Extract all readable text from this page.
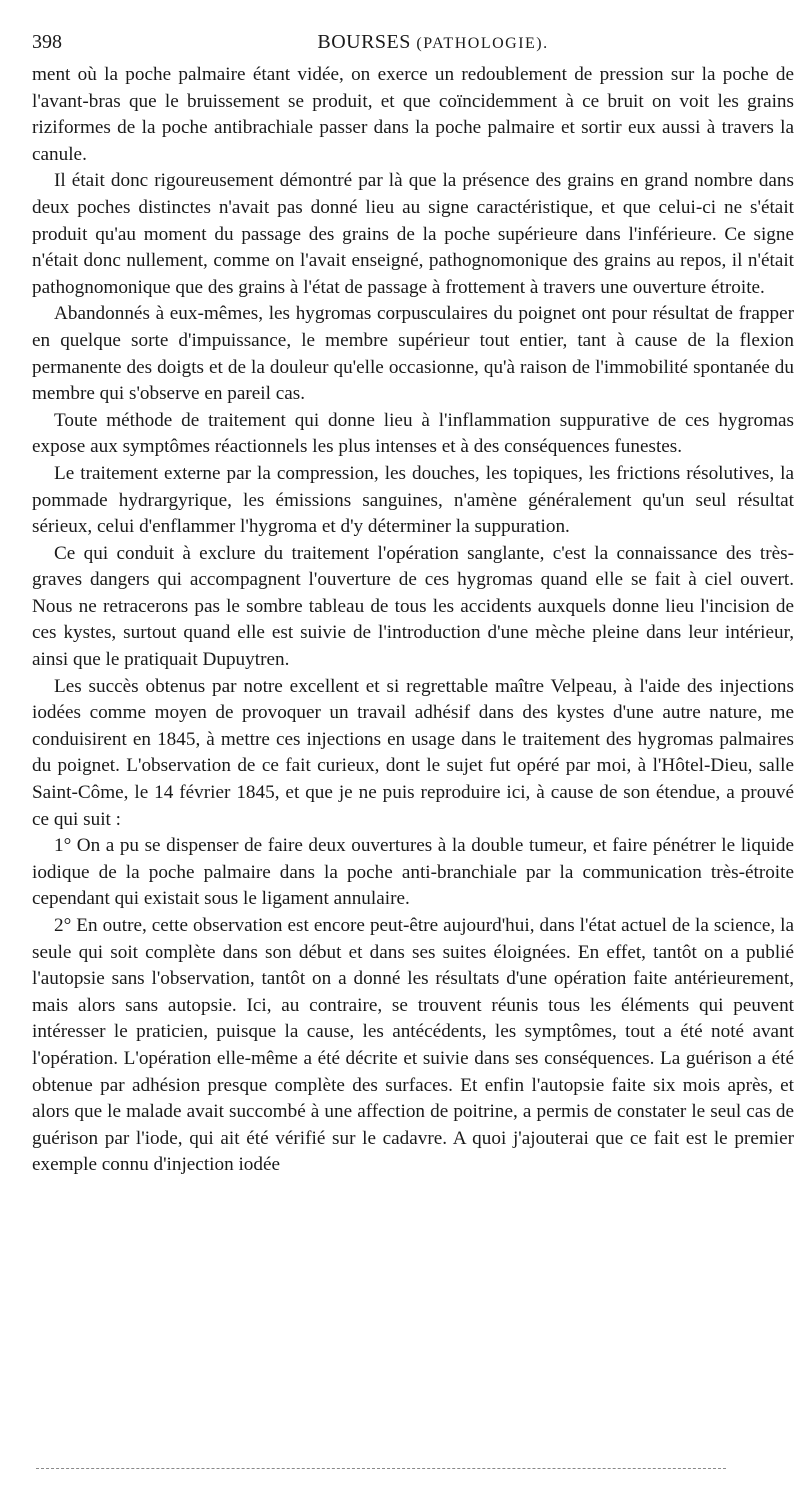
398	BOURSES (PATHOLOGIE).

ment où la poche palmaire étant vidée, on exerce un redoublement de pression sur la poche de l'avant-bras que le bruissement se produit, et que coïncidemment à ce bruit on voit les grains riziformes de la poche antibrachiale passer dans la poche palmaire et sortir eux aussi à travers la canule.

Il était donc rigoureusement démontré par là que la présence des grains en grand nombre dans deux poches distinctes n'avait pas donné lieu au signe caractéristique, et que celui-ci ne s'était produit qu'au moment du passage des grains de la poche supérieure dans l'inférieure. Ce signe n'était donc nullement, comme on l'avait enseigné, pathognomonique des grains au repos, il n'était pathognomonique que des grains à l'état de passage à frottement à travers une ouverture étroite.

Abandonnés à eux-mêmes, les hygromas corpusculaires du poignet ont pour résultat de frapper en quelque sorte d'impuissance, le membre supérieur tout entier, tant à cause de la flexion permanente des doigts et de la douleur qu'elle occasionne, qu'à raison de l'immobilité spontanée du membre qui s'observe en pareil cas.

Toute méthode de traitement qui donne lieu à l'inflammation suppurative de ces hygromas expose aux symptômes réactionnels les plus intenses et à des conséquences funestes.

Le traitement externe par la compression, les douches, les topiques, les frictions résolutives, la pommade hydrargyrique, les émissions sanguines, n'amène généralement qu'un seul résultat sérieux, celui d'enflammer l'hygroma et d'y déterminer la suppuration.

Ce qui conduit à exclure du traitement l'opération sanglante, c'est la connaissance des très-graves dangers qui accompagnent l'ouverture de ces hygromas quand elle se fait à ciel ouvert. Nous ne retracerons pas le sombre tableau de tous les accidents auxquels donne lieu l'incision de ces kystes, surtout quand elle est suivie de l'introduction d'une mèche pleine dans leur intérieur, ainsi que le pratiquait Dupuytren.

Les succès obtenus par notre excellent et si regrettable maître Velpeau, à l'aide des injections iodées comme moyen de provoquer un travail adhésif dans des kystes d'une autre nature, me conduisirent en 1845, à mettre ces injections en usage dans le traitement des hygromas palmaires du poignet. L'observation de ce fait curieux, dont le sujet fut opéré par moi, à l'Hôtel-Dieu, salle Saint-Côme, le 14 février 1845, et que je ne puis reproduire ici, à cause de son étendue, a prouvé ce qui suit :

1° On a pu se dispenser de faire deux ouvertures à la double tumeur, et faire pénétrer le liquide iodique de la poche palmaire dans la poche anti-branchiale par la communication très-étroite cependant qui existait sous le ligament annulaire.

2° En outre, cette observation est encore peut-être aujourd'hui, dans l'état actuel de la science, la seule qui soit complète dans son début et dans ses suites éloignées. En effet, tantôt on a publié l'autopsie sans l'observation, tantôt on a donné les résultats d'une opération faite antérieurement, mais alors sans autopsie. Ici, au contraire, se trouvent réunis tous les éléments qui peuvent intéresser le praticien, puisque la cause, les antécédents, les symptômes, tout a été noté avant l'opération. L'opération elle-même a été décrite et suivie dans ses conséquences. La guérison a été obtenue par adhésion presque complète des surfaces. Et enfin l'autopsie faite six mois après, et alors que le malade avait succombé à une affection de poitrine, a permis de constater le seul cas de guérison par l'iode, qui ait été vérifié sur le cadavre. A quoi j'ajouterai que ce fait est le premier exemple connu d'injection iodée
